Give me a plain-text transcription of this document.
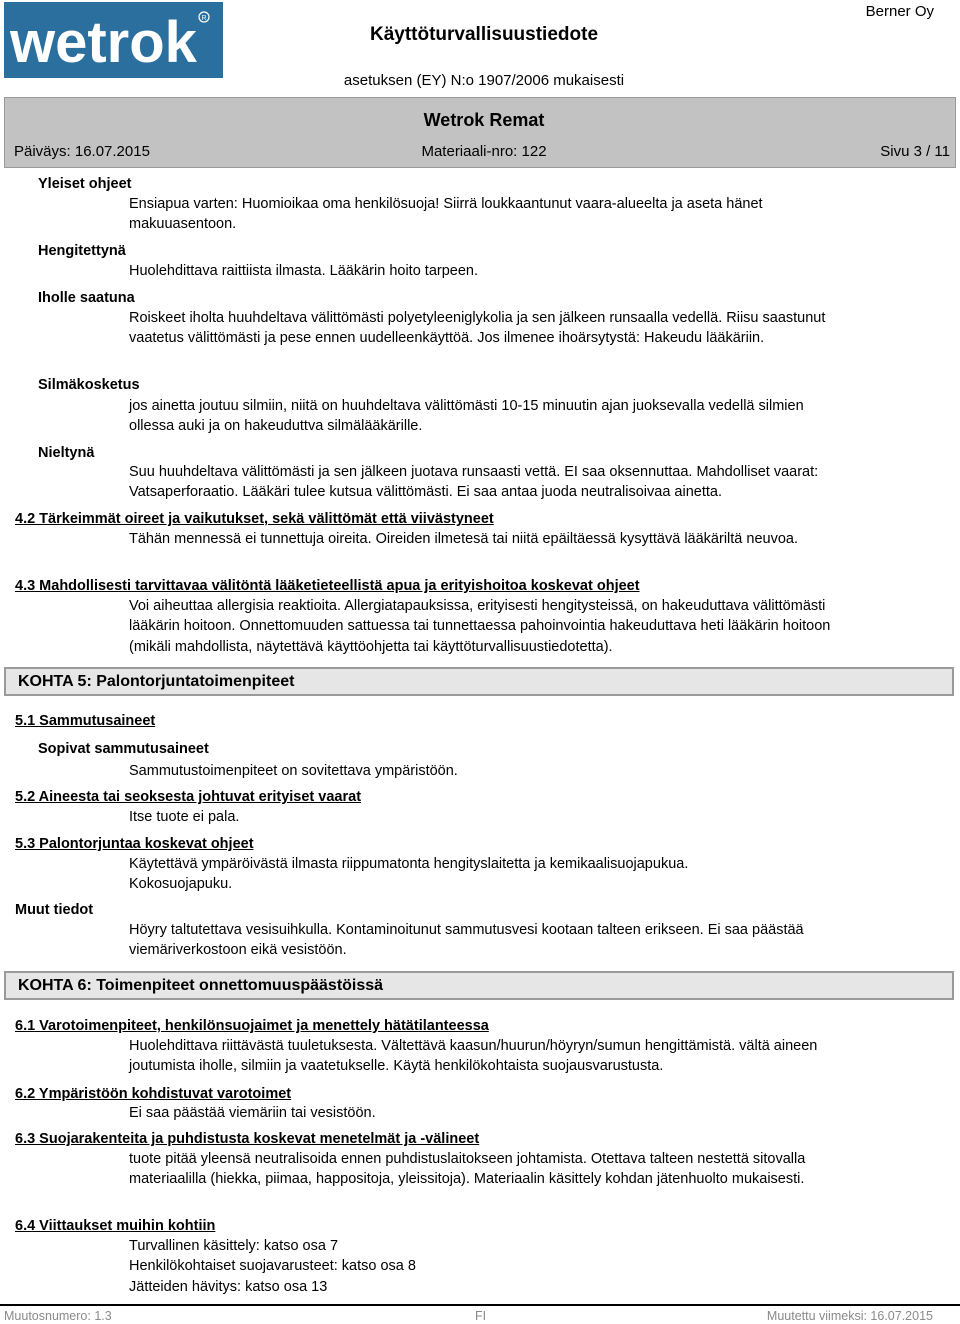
wetrok R
Käyttöturvallisuustiedote
Berner Oy
asetuksen (EY) N:o 1907/2006 mukaisesti
Wetrok Remat
Päiväys: 16.07.2015	Materiaali-nro: 122	Sivu 3 / 11
Yleiset ohjeet
Ensiapua varten: Huomioikaa oma henkilösuoja! Siirrä loukkaantunut vaara-alueelta ja aseta hänet makuuasentoon.
Hengitettynä
Huolehdittava raittiista ilmasta. Lääkärin hoito tarpeen.
Iholle saatuna
Roiskeet iholta huuhdeltava välittömästi polyetyleeniglykolia ja sen jälkeen runsaalla vedellä. Riisu saastunut vaatetus välittömästi ja pese ennen uudelleenkäyttöä. Jos ilmenee ihoärsytystä: Hakeudu lääkäriin.
Silmäkosketus
jos ainetta joutuu silmiin, niitä on huuhdeltava välittömästi 10-15 minuutin ajan juoksevalla vedellä silmien ollessa auki ja on hakeuduttva silmälääkärille.
Nieltynä
Suu huuhdeltava välittömästi ja sen jälkeen juotava runsaasti vettä. EI saa oksennuttaa. Mahdolliset vaarat: Vatsaperforaatio. Lääkäri tulee kutsua välittömästi. Ei saa antaa juoda neutralisoivaa ainetta.
4.2 Tärkeimmät oireet ja vaikutukset, sekä välittömät että viivästyneet
Tähän mennessä ei tunnettuja oireita. Oireiden ilmetesä tai niitä epäiltäessä kysyttävä lääkäriltä neuvoa.
4.3 Mahdollisesti tarvittavaa välitöntä lääketieteellistä apua ja erityishoitoa koskevat ohjeet
Voi aiheuttaa allergisia reaktioita. Allergiatapauksissa, erityisesti hengitysteissä, on hakeuduttava välittömästi lääkärin hoitoon. Onnettomuuden sattuessa tai tunnettaessa pahoinvointia hakeuduttava heti lääkärin hoitoon (mikäli mahdollista, näytettävä käyttöohjetta tai käyttöturvallisuustiedotetta).
KOHTA 5: Palontorjuntatoimenpiteet
5.1 Sammutusaineet
Sopivat sammutusaineet
Sammutustoimenpiteet on sovitettava ympäristöön.
5.2 Aineesta tai seoksesta johtuvat erityiset vaarat
Itse tuote ei pala.
5.3 Palontorjuntaa koskevat ohjeet
Käytettävä ympäröivästä ilmasta riippumatonta hengityslaitetta ja kemikaalisuojapukua. Kokosuojapuku.
Muut tiedot
Höyry taltutettava vesisuihkulla. Kontaminoitunut sammutusvesi kootaan talteen erikseen. Ei saa päästää viemäriverkostoon eikä vesistöön.
KOHTA 6: Toimenpiteet onnettomuuspäästöissä
6.1 Varotoimenpiteet, henkilönsuojaimet ja menettely hätätilanteessa
Huolehdittava riittävästä tuuletuksesta. Vältettävä kaasun/huurun/höyryn/sumun hengittämistä. vältä aineen joutumista iholle, silmiin ja vaatetukselle. Käytä henkilökohtaista suojausvarustusta.
6.2 Ympäristöön kohdistuvat varotoimet
Ei saa päästää viemäriin tai vesistöön.
6.3 Suojarakenteita ja puhdistusta koskevat menetelmät ja -välineet
tuote pitää yleensä neutralisoida ennen puhdistuslaitokseen johtamista. Otettava talteen nestettä sitovalla materiaalilla (hiekka, piimaa, happositoja, yleissitoja). Materiaalin käsittely kohdan jätenhuolto mukaisesti.
6.4 Viittaukset muihin kohtiin
Turvallinen käsittely: katso osa 7
Henkilökohtaiset suojavarusteet: katso osa 8
Jätteiden hävitys: katso osa 13
Muutosnumero: 1.3	FI	Muutettu viimeksi: 16.07.2015
